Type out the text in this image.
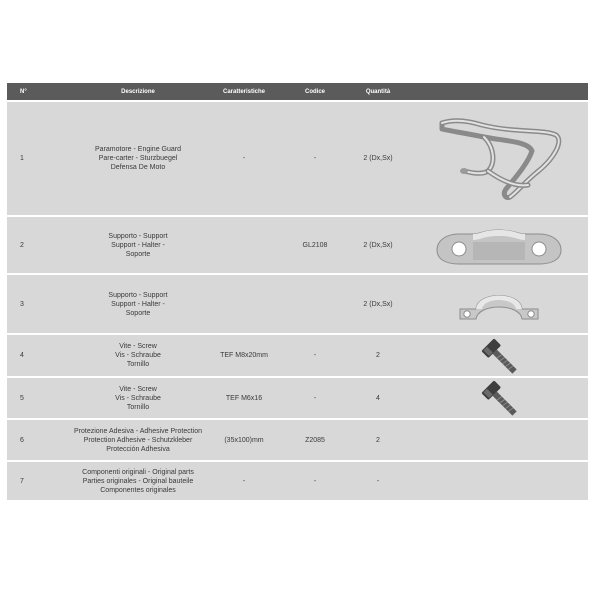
N°	Descrizione	Caratteristiche	Codice	Quantità	
1	Paramotore - Engine Guard
Pare-carter - Sturzbuegel
Defensa De Moto	-	-	2 (Dx,Sx)	

2	Supporto - Support
Support - Halter -
Soporte		GL2108	2 (Dx,Sx)	

3	Supporto - Support
Support - Halter -
Soporte			2 (Dx,Sx)	

4	Vite - Screw
Vis - Schraube
Tornillo	TEF M8x20mm	-	2	

5	Vite - Screw
Vis - Schraube
Tornillo	TEF M6x16	-	4	

6	Protezione Adesiva - Adhesive Protection
Protection Adhesive - Schutzkleber
Protección Adhesiva	(35x100)mm	Z2085	2	
7	Componenti originali - Original parts
Parties originales - Original bauteile
Componentes originales	-	-	-	
